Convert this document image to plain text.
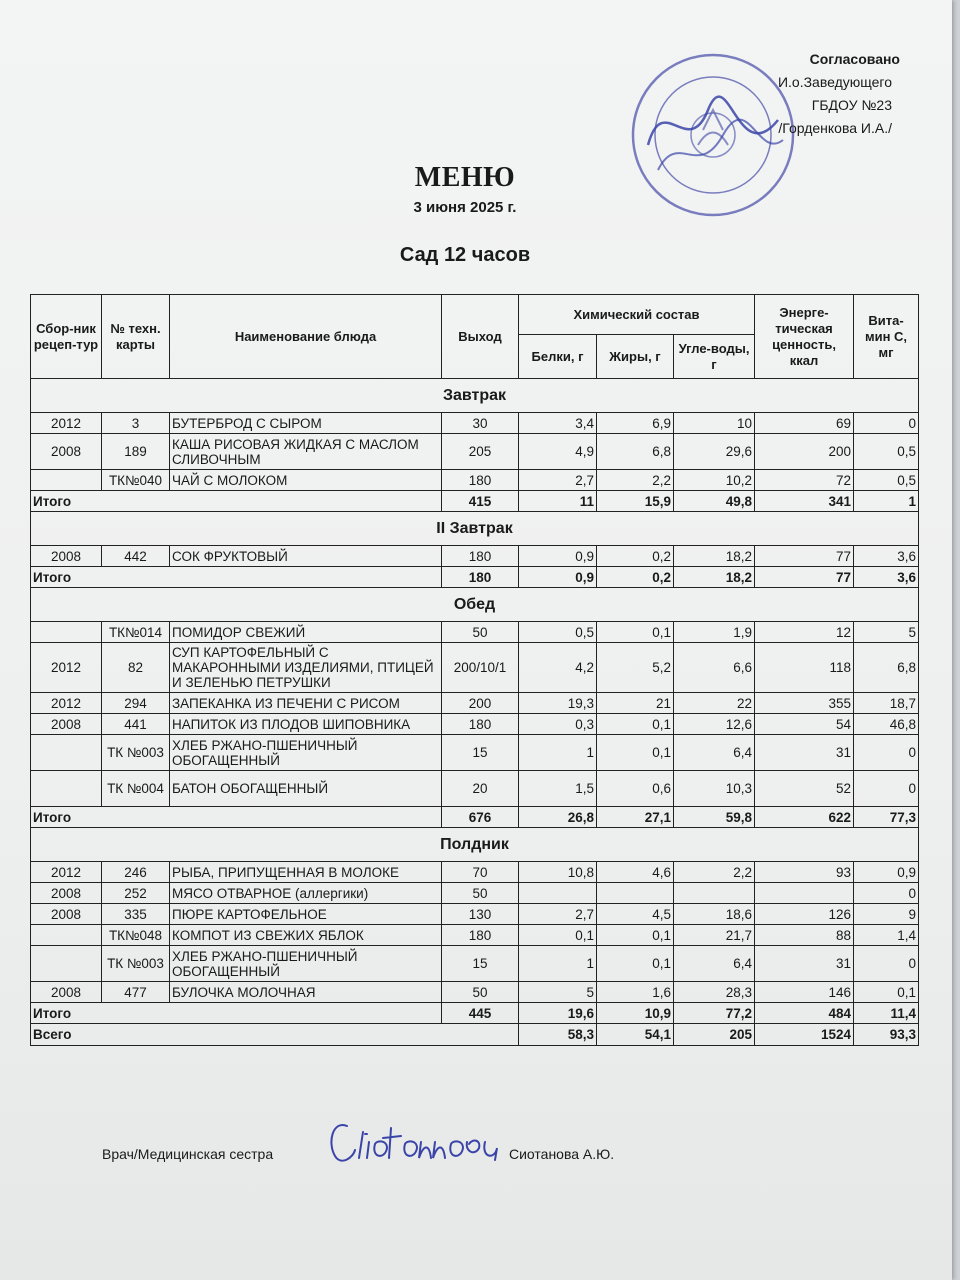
Согласовано
И.о.Заведующего
ГБДОУ №23
/Горденкова И.А./
МЕНЮ
3 июня 2025 г.
Сад 12 часов
Сбор-ник рецеп-тур	№ техн. карты	Наименование блюда	Выход	Химический состав			Энерге-тическая ценность, ккал	Вита-мин С, мг
				Белки, г	Жиры, г	Угле-воды, г		
Завтрак								
2012	3	БУТЕРБРОД С СЫРОМ	30	3,4	6,9	10	69	0
2008	189	КАША РИСОВАЯ ЖИДКАЯ С МАСЛОМ СЛИВОЧНЫМ	205	4,9	6,8	29,6	200	0,5
	ТК№040	ЧАЙ С МОЛОКОМ	180	2,7	2,2	10,2	72	0,5
Итого			415	11	15,9	49,8	341	1
II Завтрак								
2008	442	СОК ФРУКТОВЫЙ	180	0,9	0,2	18,2	77	3,6
Итого			180	0,9	0,2	18,2	77	3,6
Обед								
	ТК№014	ПОМИДОР СВЕЖИЙ	50	0,5	0,1	1,9	12	5
2012	82	СУП КАРТОФЕЛЬНЫЙ С МАКАРОННЫМИ ИЗДЕЛИЯМИ, ПТИЦЕЙ И ЗЕЛЕНЬЮ ПЕТРУШКИ	200/10/1	4,2	5,2	6,6	118	6,8
2012	294	ЗАПЕКАНКА ИЗ ПЕЧЕНИ С РИСОМ	200	19,3	21	22	355	18,7
2008	441	НАПИТОК ИЗ ПЛОДОВ ШИПОВНИКА	180	0,3	0,1	12,6	54	46,8
	ТК №003	ХЛЕБ РЖАНО-ПШЕНИЧНЫЙ ОБОГАЩЕННЫЙ	15	1	0,1	6,4	31	0
	ТК №004	БАТОН ОБОГАЩЕННЫЙ	20	1,5	0,6	10,3	52	0
Итого			676	26,8	27,1	59,8	622	77,3
Полдник								
2012	246	РЫБА, ПРИПУЩЕННАЯ В МОЛОКЕ	70	10,8	4,6	2,2	93	0,9
2008	252	МЯСО ОТВАРНОЕ (аллергики)	50					0
2008	335	ПЮРЕ КАРТОФЕЛЬНОЕ	130	2,7	4,5	18,6	126	9
	ТК№048	КОМПОТ ИЗ СВЕЖИХ ЯБЛОК	180	0,1	0,1	21,7	88	1,4
	ТК №003	ХЛЕБ РЖАНО-ПШЕНИЧНЫЙ ОБОГАЩЕННЫЙ	15	1	0,1	6,4	31	0
2008	477	БУЛОЧКА МОЛОЧНАЯ	50	5	1,6	28,3	146	0,1
Итого			445	19,6	10,9	77,2	484	11,4
Всего				58,3	54,1	205	1524	93,3
Врач/Медицинская сестра	Сиотанова А.Ю.
